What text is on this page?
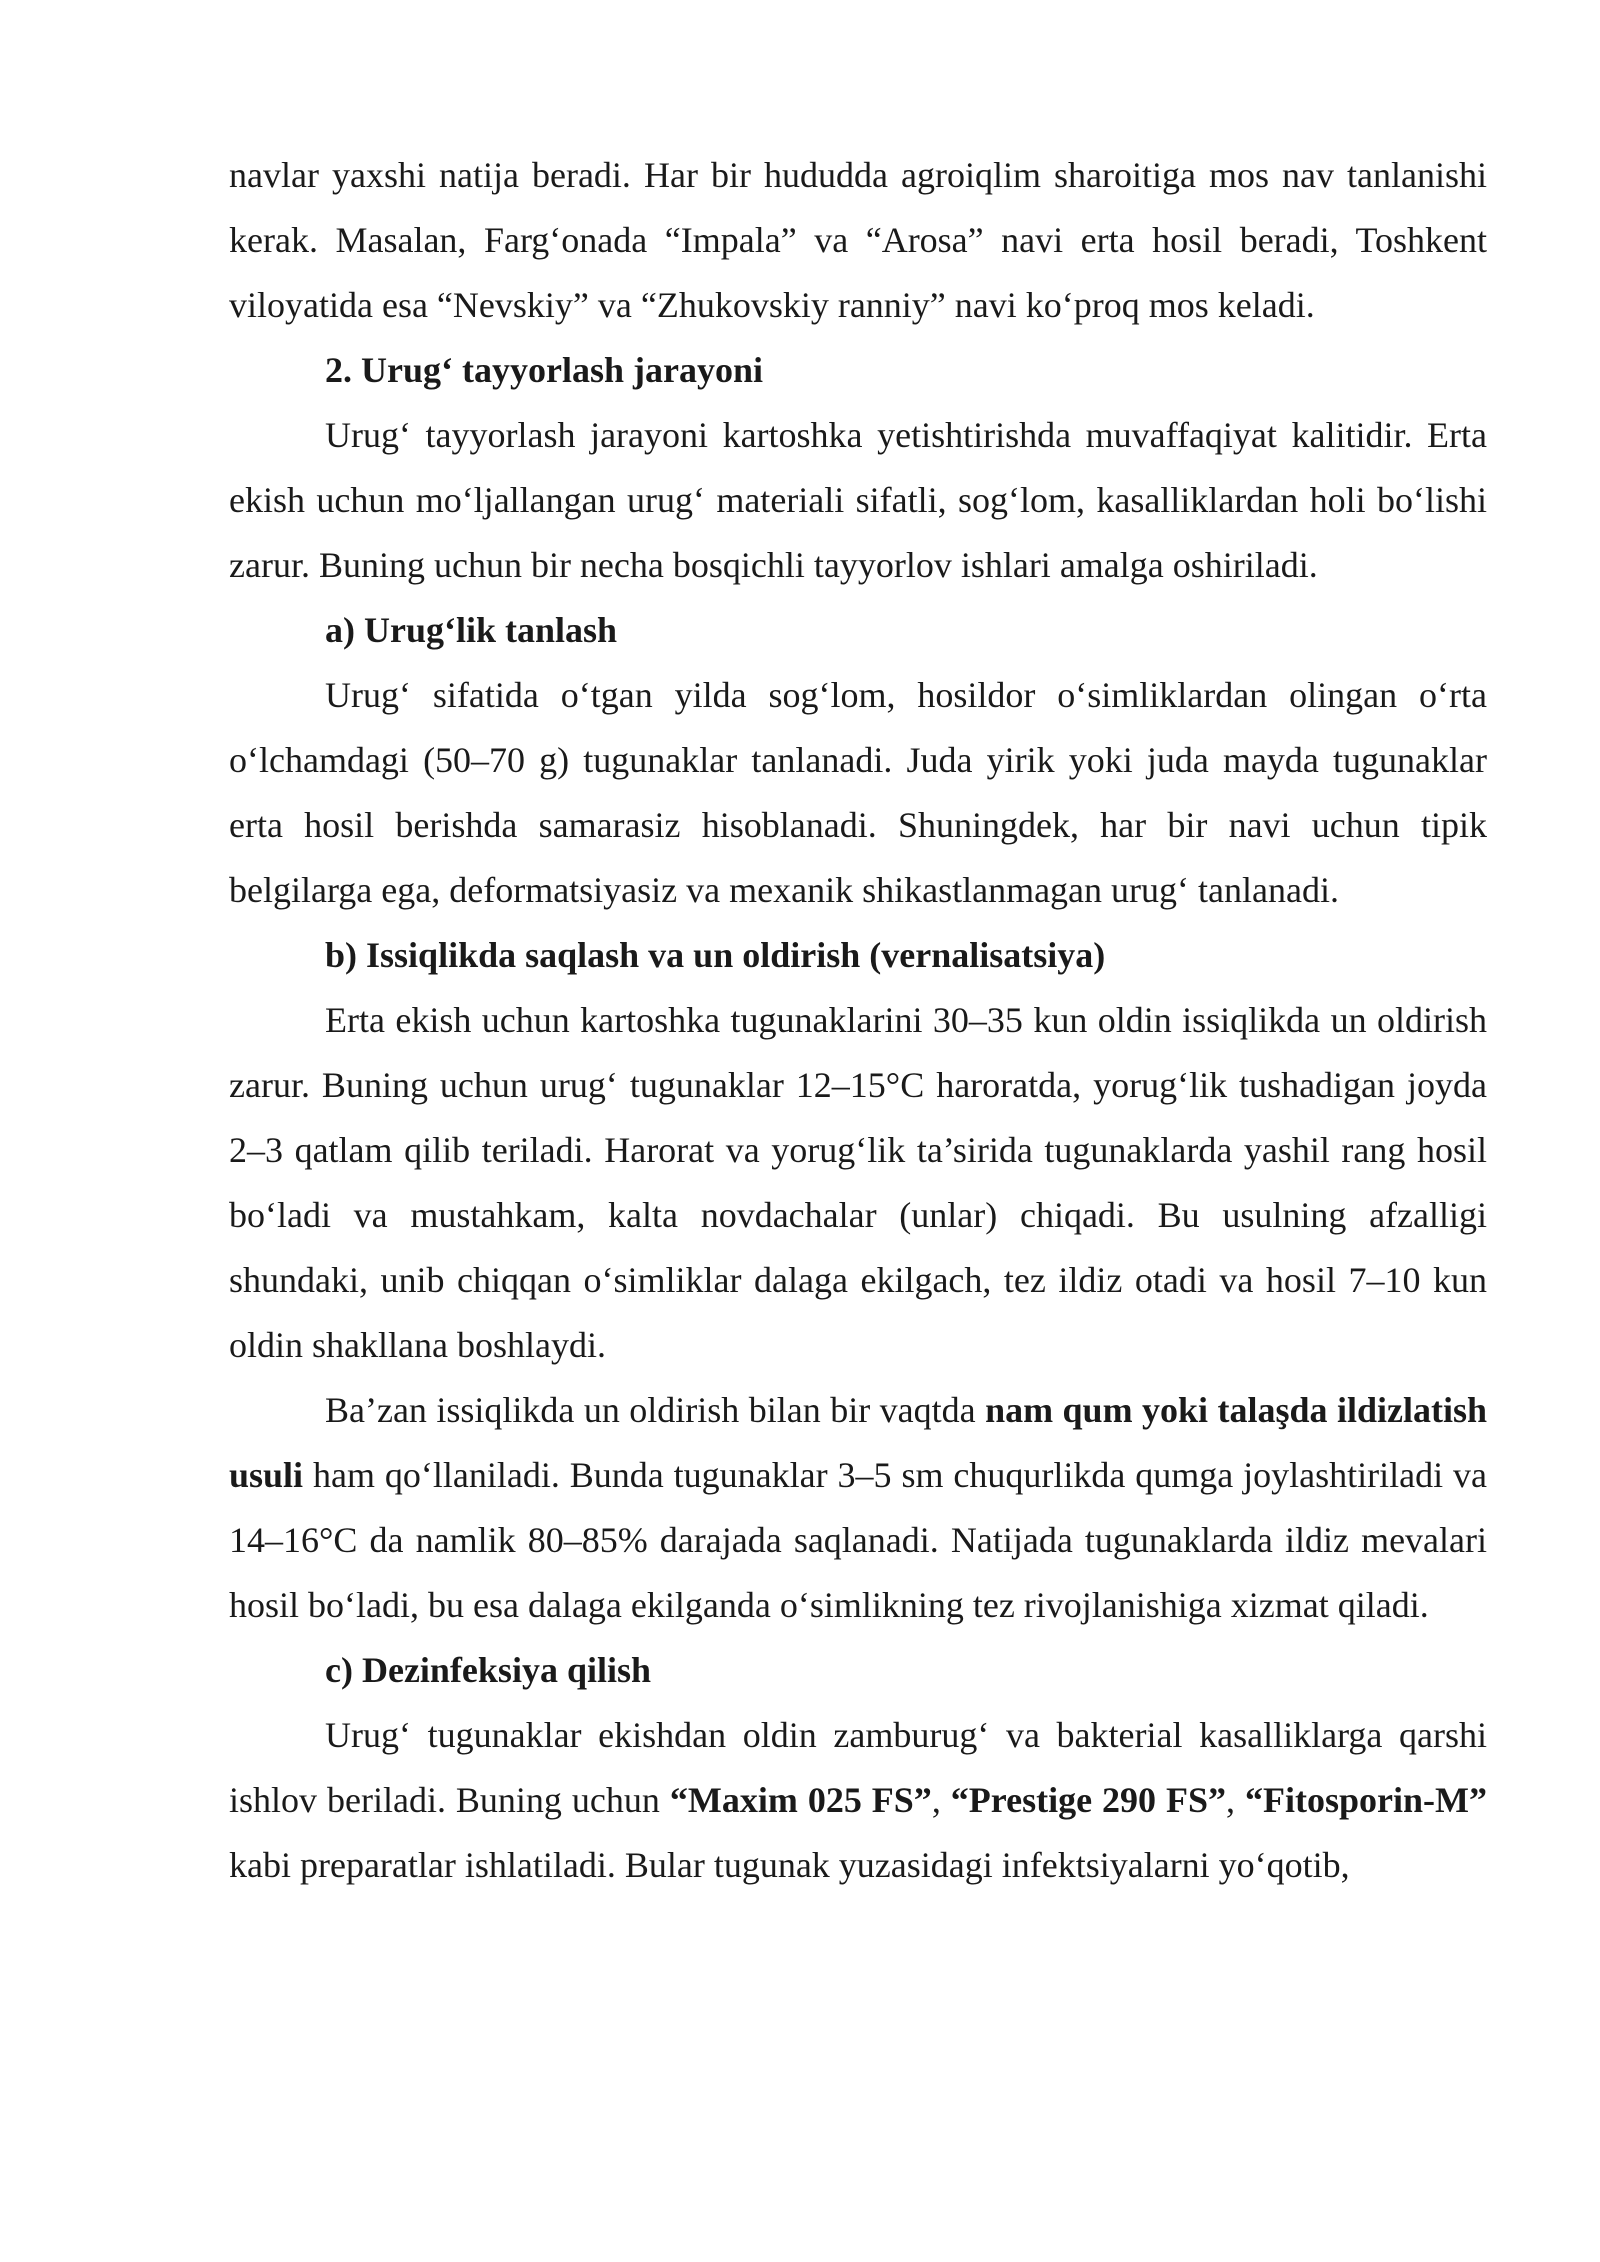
navlar yaxshi natija beradi. Har bir hududda agroiqlim sharoitiga mos nav tanlanishi kerak. Masalan, Farg‘onada “Impala” va “Arosa” navi erta hosil beradi, Toshkent viloyatida esa “Nevskiy” va “Zhukovskiy ranniy” navi ko‘proq mos keladi.

2. Urug‘ tayyorlash jarayoni

Urug‘ tayyorlash jarayoni kartoshka yetishtirishda muvaffaqiyat kalitidir. Erta ekish uchun mo‘ljallangan urug‘ materiali sifatli, sog‘lom, kasalliklardan holi bo‘lishi zarur. Buning uchun bir necha bosqichli tayyorlov ishlari amalga oshiriladi.

a) Urug‘lik tanlash

Urug‘ sifatida o‘tgan yilda sog‘lom, hosildor o‘simliklardan olingan o‘rta o‘lchamdagi (50–70 g) tugunaklar tanlanadi. Juda yirik yoki juda mayda tugunaklar erta hosil berishda samarasiz hisoblanadi. Shuningdek, har bir navi uchun tipik belgilarga ega, deformatsiyasiz va mexanik shikastlanmagan urug‘ tanlanadi.

b) Issiqlikda saqlash va un oldirish (vernalisatsiya)

Erta ekish uchun kartoshka tugunaklarini 30–35 kun oldin issiqlikda un oldirish zarur. Buning uchun urug‘ tugunaklar 12–15°C haroratda, yorug‘lik tushadigan joyda 2–3 qatlam qilib teriladi. Harorat va yorug‘lik ta’sirida tugunaklarda yashil rang hosil bo‘ladi va mustahkam, kalta novdachalar (unlar) chiqadi. Bu usulning afzalligi shundaki, unib chiqqan o‘simliklar dalaga ekilgach, tez ildiz otadi va hosil 7–10 kun oldin shakllana boshlaydi.

Ba’zan issiqlikda un oldirish bilan bir vaqtda nam qum yoki talaşda ildizlatish usuli ham qo‘llaniladi. Bunda tugunaklar 3–5 sm chuqurlikda qumga joylashtiriladi va 14–16°C da namlik 80–85% darajada saqlanadi. Natijada tugunaklarda ildiz mevalari hosil bo‘ladi, bu esa dalaga ekilganda o‘simlikning tez rivojlanishiga xizmat qiladi.

c) Dezinfeksiya qilish

Urug‘ tugunaklar ekishdan oldin zamburug‘ va bakterial kasalliklarga qarshi ishlov beriladi. Buning uchun “Maxim 025 FS”, “Prestige 290 FS”, “Fitosporin-M” kabi preparatlar ishlatiladi. Bular tugunak yuzasidagi infektsiyalarni yo‘qotib,
